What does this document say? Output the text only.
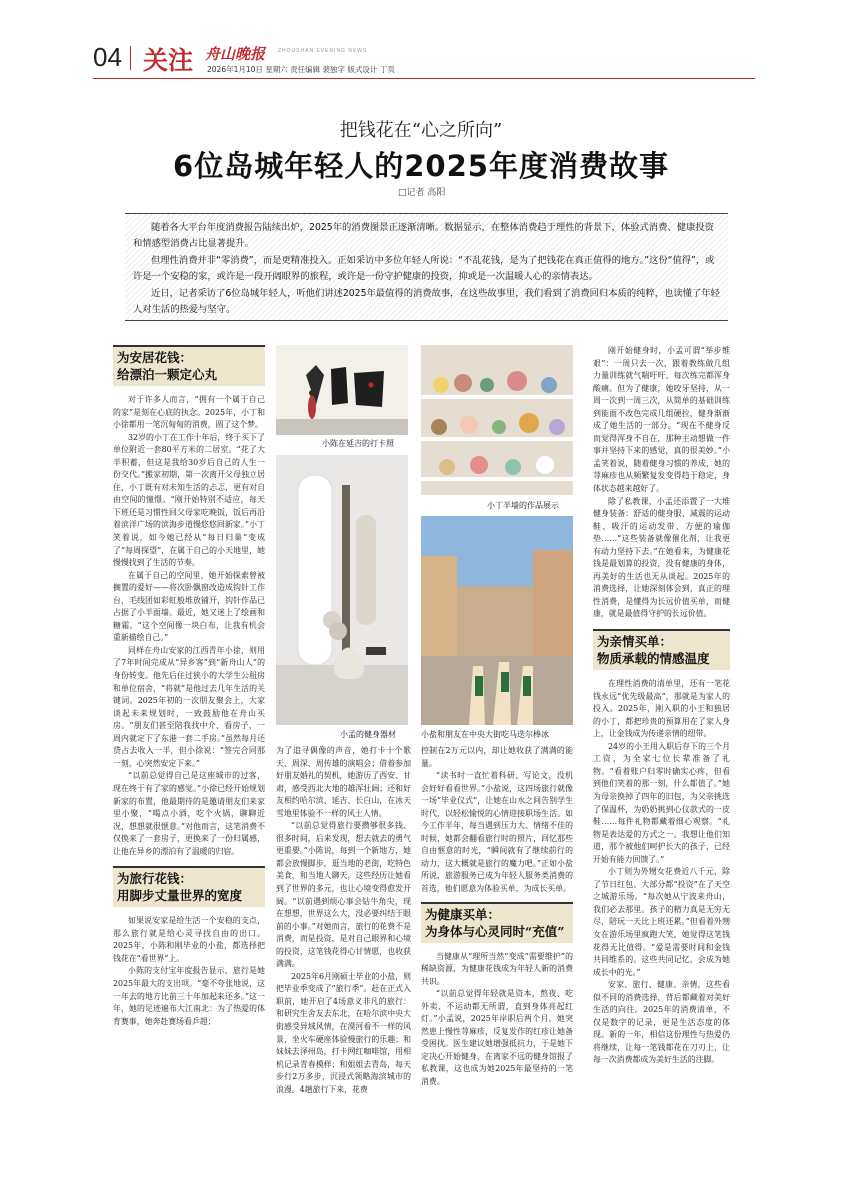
04 关注 舟山晚报	ZHOUSHAN EVENING NEWS
2026年1月10日 星期六 责任编辑 裴独字 版式设计 丁页
把钱花在“心之所向”
6位岛城年轻人的2025年度消费故事
□记者 高阳

随着各大平台年度消费报告陆续出炉，2025年的消费图景正逐渐清晰。数据显示，在整体消费趋于理性的背景下，体验式消费、健康投资和情感型消费占比显著提升。

但理性消费并非“零消费”，而是更精准投入。正如采访中多位年轻人所说：“不乱花钱，是为了把钱花在真正值得的地方。”这份“值得”，或许是一个安稳的家，或许是一段开阔眼界的旅程，或许是一份守护健康的投资，抑或是一次温暖人心的亲情表达。

近日，记者采访了6位岛城年轻人，听他们讲述2025年最值得的消费故事，在这些故事里，我们看到了消费回归本质的纯粹，也读懂了年轻人对生活的热爱与坚守。

为安居花钱：
给漂泊一颗定心丸

对于许多人而言，“拥有一个属于自己的家”是刻在心底的执念。2025年，小丁和小徐都用一笔沉甸甸的消费，圆了这个梦。

32岁的小丁在工作十年后，终于买下了单位附近一套80平方米的二居室。“花了大半积蓄，但这是我给30岁后自己的人生一份交代。”搬家初期，第一次离开父母独立居住，小丁既有对未知生活的忐忑，更有对自由空间的憧憬。“刚开始特别不适应，每天下班还是习惯性回父母家吃晚饭，饭后再沿着滨洋广场的滨海步道慢悠悠回新家。”小丁笑着说，如今她已经从“每日归巢”变成了“每周探望”，在属于自己的小天地里，她慢慢找到了生活的节奏。

在属于自己的空间里，她开始探索曾被搁置的爱好——将次卧飘窗改造成钩针工作台，毛线团如彩虹般堆放铺开，钩针作品已占据了小半面墙。最近，她又迷上了绘画和糖霜。“这个空间像一块白布，让我有机会重新描绘自己。”

同样在舟山安家的江西青年小徐，则用了7年时间完成从“异乡客”到“新舟山人”的身份转变。他先后住过狭小的大学生公租房和单位宿舍，“将就”是他过去几年生活的关键词。2025年初的一次朋友聚会上，大家谈起未来规划时，一致鼓励他在舟山买房。“朋友们甚至陪我找中介、看房子，一周内就定下了东港一套二手房。”虽然每月还贷占去收入一半，但小徐说：“签完合同那一刻，心突然安定下来。”

“以前总觉得自己是这座城市的过客，现在终于有了家的感觉。”小徐已经开始规划新家的布置，他最期待的是邀请朋友们来家里小聚，“喝点小酒，吃个火锅，聊聊近况，想想就很惬意。”对他而言，这笔消费不仅换来了一套房子，更换来了一份归属感，让他在异乡的漂泊有了温暖的归宿。

为旅行花钱：
用脚步丈量世界的宽度

如果说安家是给生活一个安稳的支点，那么旅行就是给心灵寻找自由的出口。2025年，小陈和刚毕业的小盐，都选择把钱花在“看世界”上。

小陈的支付宝年度报告显示，旅行是她2025年最大的支出项。“毫不夸张地说，这一年去的地方比前三十年加起来还多。”这一年，她的足迹遍布大江南北：为了热爱的体育赛事，她奔赴赛场看乒超；

小陈在延吉的打卡照
小孟的健身器材

为了追寻偶像的声音，她打卡十个歌天、周深、周传雄的演唱会；借着参加好朋友婚礼的契机，她游历了西安、甘肃，感受西北大地的雄浑壮阔；还和好友相约哈尔滨、延吉、长白山，在冰天雪地里体验不一样的风土人情。

“以前总觉得旅行要攒够很多钱、很多时间，后来发现，想去就去的勇气更重要。”小陈说，每到一个新地方，她都会放慢脚步，逛当地的老街，吃特色美食，和当地人聊天，这些经历让她看到了世界的多元，也让心境变得愈发开阔。“以前遇到烦心事会钻牛角尖，现在想想，世界这么大，没必要纠结于眼前的小事。”对她而言，旅行的花费不是消费，而是投资，是对自己眼界和心境的投资，这笔钱花得心甘情愿，也收获满满。

2025年6月刚硕士毕业的小盐，则把毕业季变成了“旅行季”。赶在正式入职前，她开启了4场意义非凡的旅行：和研究生舍友去东北，在哈尔滨中央大街感受异域风情，在漠河看不一样的风景，坐火车硬座体验慢旅行的乐趣；和妹妹去泽州岛，打卡网红咖啡馆，用相机记录青春模样；和姐姐去青岛，每天步行2万多步，沉浸式领略海滨城市的浪漫。4趟旅行下来，花费

小丁半墙的作品展示
小盐和朋友在中央大街吃马迭尔棒冰

控制在2万元以内，却让她收获了满满的能量。

“读书时一直忙着科研、写论文，没机会好好看看世界。”小盐说，这四场旅行就像一场“毕业仪式”，让她在山水之间告别学生时代，以轻松愉悦的心情迎接职场生活。如今工作半年，每当遇到压力大、情绪不佳的时候，她都会翻看旅行时的照片，回忆那些自由惬意的时光，“瞬间就有了继续前行的动力，这大概就是旅行的魔力吧。”正如小盐所说，旅游服务已成为年轻人服务类消费的首选，他们愿意为体验买单，为成长买单。

为健康买单：
为身体与心灵同时“充值”

当健康从“理所当然”变成“需要维护”的稀缺资源，为健康花钱成为年轻人新的消费共识。

“以前总觉得年轻就是资本，熬夜、吃外卖、不运动都无所谓，直到身体亮起红灯。”小孟说，2025年岸职后两个月，她突然患上慢性荨麻疹，反复发作的红疹让她备受困扰。医生建议她增强抵抗力，于是她下定决心开始健身，在离家不远的健身馆报了私教课，这也成为她2025年最坚持的一笔消费。

刚开始健身时，小孟可谓“举步维艰”：一周只去一次，跟着教练做几组力量训练就气喘吁吁，每次练完都浑身酸痛。但为了健康，她咬牙坚持，从一周一次到一周三次，从简单的基础训练到能面不改色完成几组硬拉，健身渐渐成了她生活的一部分。“现在不健身反而觉得浑身不自在，那种主动想做一件事并坚持下来的感觉，真的很美妙。”小孟笑着说，随着健身习惯的养成，她的荨麻疹也从频繁复发变得趋于稳定，身体状态越来越好了。

除了私教课，小孟还添置了一大堆健身装备：舒适的健身服、减震的运动鞋、吸汗的运动发带、方便的瑜伽垫……“这些装备就像催化剂，让我更有动力坚持下去。”在她看来，为健康花钱是最划算的投资，没有健康的身体，再美好的生活也无从谈起。2025年的消费选择，让她深刻体会到，真正的理性消费，是懂得为长远价值买单，而健康，就是最值得守护的长远价值。

为亲情买单：
物质承载的情感温度

在理性消费的清单里，还有一笔花钱永远“优先级最高”，那就是为家人的投入。2025年，刚入职的小王和独居的小丁，都把珍贵的预算用在了家人身上，让金钱成为传递亲情的纽带。

24岁的小王用入职后存下的三个月工资，为全家七位长辈准备了礼物。“看着账户归零时确实心疼，但看到他们笑着的那一刻，什么都值了。”她为母亲换掉了四年的旧包，为父亲挑选了保温杯，为奶奶挑到心仪款式的一皮鞋……每件礼物都藏着细心观察。“礼物是表达爱的方式之一。我想让他们知道，那个被他们呵护长大的孩子，已经开始有能力回馈了。”

小丁则为外甥女花费近八千元，除了节日红包、大部分都“投资”在了天空之城游乐场。“每次她从宁波来舟山，我们必去那里。孩子的精力真是无穷无尽，陪玩一天比上班还累。”但看着外甥女在游乐场里疯跑大笑，她觉得这笔钱花得无比值得。“爱是需要时间和金钱共同维系的。这些共同记忆，会成为她成长中的光。”

安家、旅行、健康、亲情，这些看似不同的消费选择，背后都藏着对美好生活的向往。2025年的消费清单，不仅是数字的记录，更是生活态度的体现。新的一年，相信这份理性与热爱仍将继续，让每一笔钱都花在刀刃上，让每一次消费都成为美好生活的注脚。
